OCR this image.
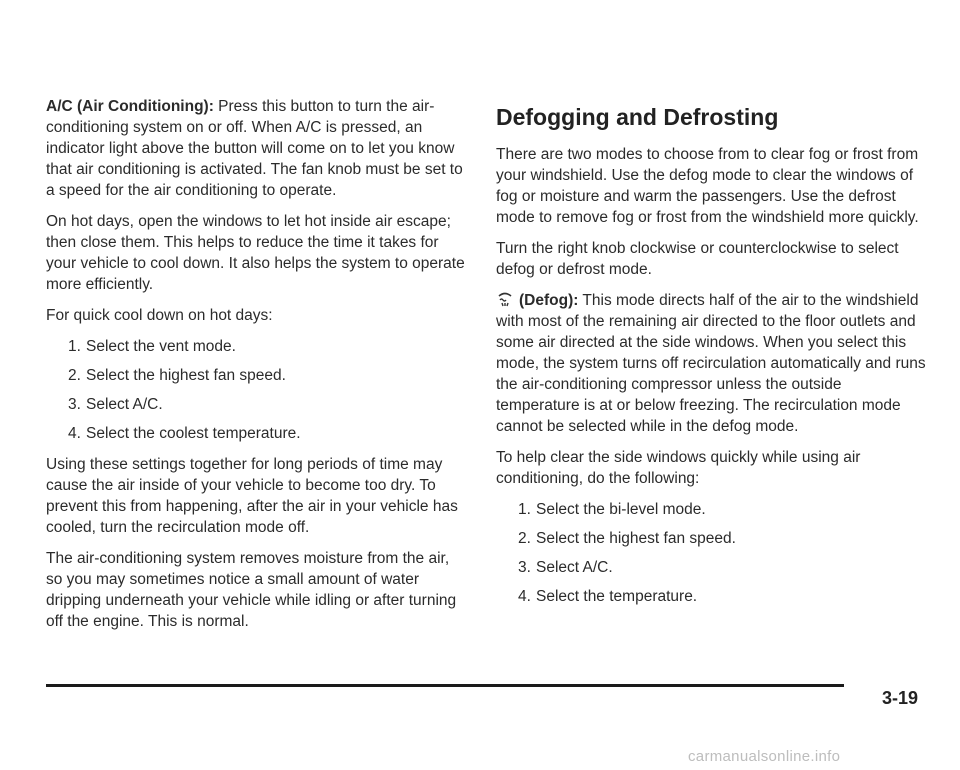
A/C (Air Conditioning): Press this button to turn the air-conditioning system on or off. When A/C is pressed, an indicator light above the button will come on to let you know that air conditioning is activated. The fan knob must be set to a speed for the air conditioning to operate.

On hot days, open the windows to let hot inside air escape; then close them. This helps to reduce the time it takes for your vehicle to cool down. It also helps the system to operate more efficiently.

For quick cool down on hot days:

1. Select the vent mode.
2. Select the highest fan speed.
3. Select A/C.
4. Select the coolest temperature.

Using these settings together for long periods of time may cause the air inside of your vehicle to become too dry. To prevent this from happening, after the air in your vehicle has cooled, turn the recirculation mode off.

The air-conditioning system removes moisture from the air, so you may sometimes notice a small amount of water dripping underneath your vehicle while idling or after turning off the engine. This is normal.

Defogging and Defrosting

There are two modes to choose from to clear fog or frost from your windshield. Use the defog mode to clear the windows of fog or moisture and warm the passengers. Use the defrost mode to remove fog or frost from the windshield more quickly.

Turn the right knob clockwise or counterclockwise to select defog or defrost mode.

(Defog): This mode directs half of the air to the windshield with most of the remaining air directed to the floor outlets and some air directed at the side windows. When you select this mode, the system turns off recirculation automatically and runs the air-conditioning compressor unless the outside temperature is at or below freezing. The recirculation mode cannot be selected while in the defog mode.

To help clear the side windows quickly while using air conditioning, do the following:

1. Select the bi-level mode.
2. Select the highest fan speed.
3. Select A/C.
4. Select the temperature.
3-19
carmanualsonline.info
